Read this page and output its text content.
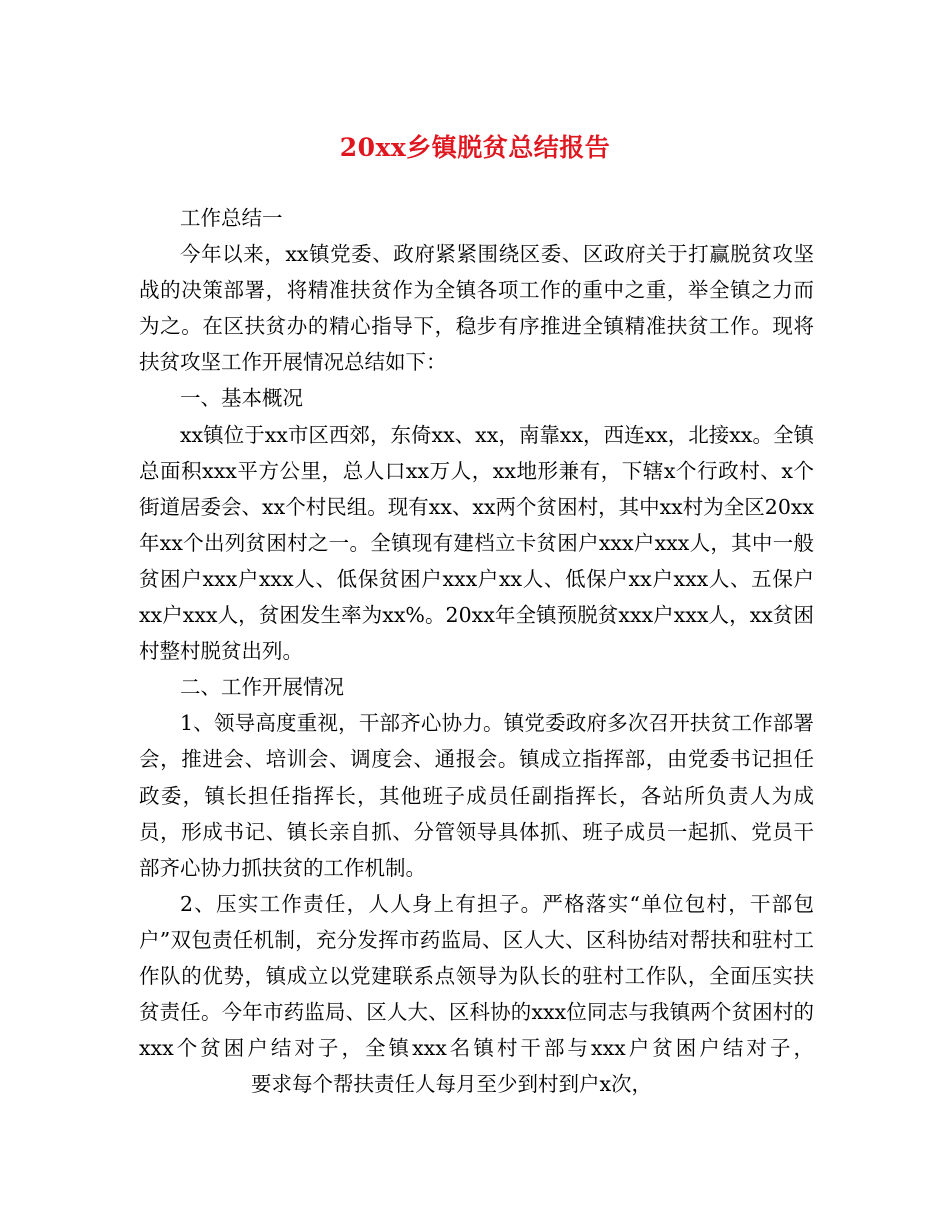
20xx乡镇脱贫总结报告

工作总结一

今年以来，xx镇党委、政府紧紧围绕区委、区政府关于打赢脱贫攻坚战的决策部署，将精准扶贫作为全镇各项工作的重中之重，举全镇之力而为之。在区扶贫办的精心指导下，稳步有序推进全镇精准扶贫工作。现将扶贫攻坚工作开展情况总结如下：

一、基本概况

xx镇位于xx市区西郊，东倚xx、xx，南靠xx，西连xx，北接xx。全镇总面积xxx平方公里，总人口xx万人，xx地形兼有，下辖x个行政村、x个街道居委会、xx个村民组。现有xx、xx两个贫困村，其中xx村为全区20xx年xx个出列贫困村之一。全镇现有建档立卡贫困户xxx户xxx人，其中一般贫困户xxx户xxx人、低保贫困户xxx户xx人、低保户xx户xxx人、五保户xx户xxx人，贫困发生率为xx%。20xx年全镇预脱贫xxx户xxx人，xx贫困村整村脱贫出列。

二、工作开展情况

1、领导高度重视，干部齐心协力。镇党委政府多次召开扶贫工作部署会，推进会、培训会、调度会、通报会。镇成立指挥部，由党委书记担任政委，镇长担任指挥长，其他班子成员任副指挥长，各站所负责人为成员，形成书记、镇长亲自抓、分管领导具体抓、班子成员一起抓、党员干部齐心协力抓扶贫的工作机制。

2、压实工作责任，人人身上有担子。严格落实“单位包村，干部包户”双包责任机制，充分发挥市药监局、区人大、区科协结对帮扶和驻村工作队的优势，镇成立以党建联系点领导为队长的驻村工作队，全面压实扶贫责任。今年市药监局、区人大、区科协的xxx位同志与我镇两个贫困村的xxx个贫困户结对子，全镇xxx名镇村干部与xxx户贫困户结对子，要求每个帮扶责任人每月至少到村到户x次，
